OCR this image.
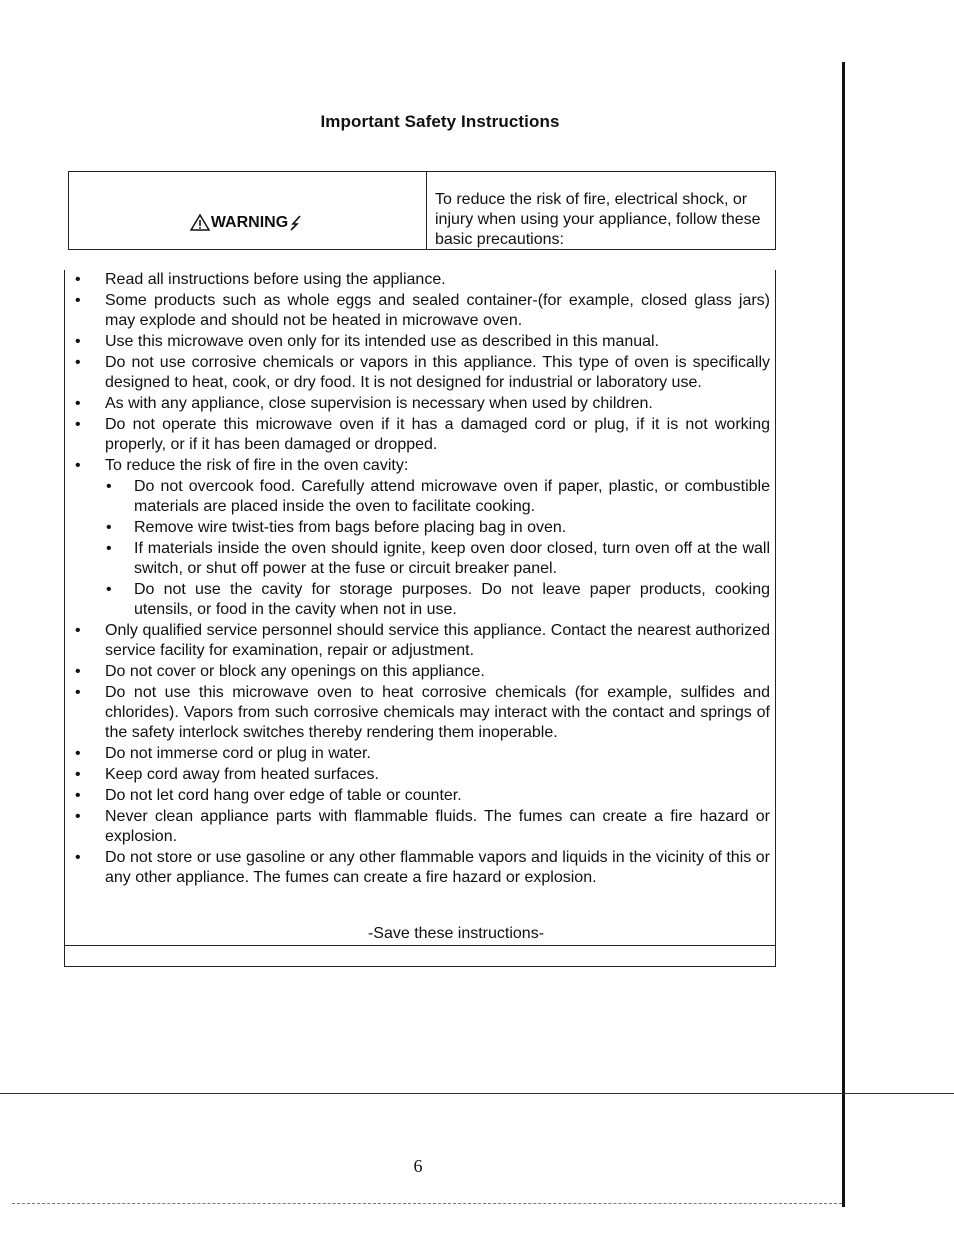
Important Safety Instructions
WARNING
To reduce the risk of fire, electrical shock, or injury when using your appliance, follow these basic precautions:
• Read all instructions before using the appliance.
• Some products such as whole eggs and sealed container-(for example, closed glass jars) may explode and should not be heated in microwave oven.
• Use this microwave oven only for its intended use as described in this manual.
• Do not use corrosive chemicals or vapors in this appliance. This type of oven is specifically designed to heat, cook, or dry food. It is not designed for industrial or laboratory use.
• As with any appliance, close supervision is necessary when used by children.
• Do not operate this microwave oven if it has a damaged cord or plug, if it is not working properly, or if it has been damaged or dropped.
• To reduce the risk of fire in the oven cavity:
• Do not overcook food. Carefully attend microwave oven if paper, plastic, or combustible materials are placed inside the oven to facilitate cooking.
• Remove wire twist-ties from bags before placing bag in oven.
• If materials inside the oven should ignite, keep oven door closed, turn oven off at the wall switch, or shut off power at the fuse or circuit breaker panel.
• Do not use the cavity for storage purposes. Do not leave paper products, cooking utensils, or food in the cavity when not in use.
• Only qualified service personnel should service this appliance. Contact the nearest authorized service facility for examination, repair or adjustment.
• Do not cover or block any openings on this appliance.
• Do not use this microwave oven to heat corrosive chemicals (for example, sulfides and chlorides). Vapors from such corrosive chemicals may interact with the contact and springs of the safety interlock switches thereby rendering them inoperable.
• Do not immerse cord or plug in water.
• Keep cord away from heated surfaces.
• Do not let cord hang over edge of table or counter.
• Never clean appliance parts with flammable fluids. The fumes can create a fire hazard or explosion.
• Do not store or use gasoline or any other flammable vapors and liquids in the vicinity of this or any other appliance. The fumes can create a fire hazard or explosion.
-Save these instructions-
6
